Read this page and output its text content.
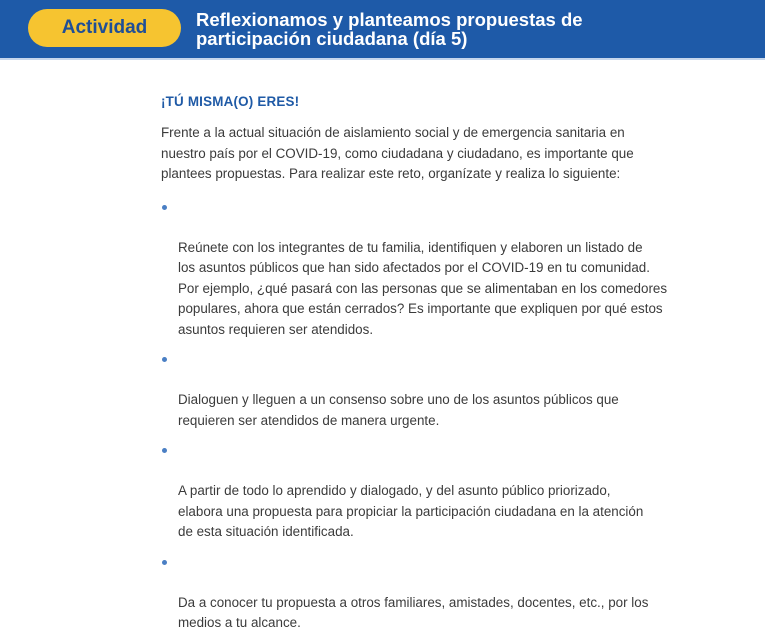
Actividad	Reflexionamos y planteamos propuestas de
participación ciudadana (día 5)
¡TÚ MISMA(O) ERES!
Frente a la actual situación de aislamiento social y de emergencia sanitaria en
nuestro país por el COVID-19, como ciudadana y ciudadano, es importante que
plantees propuestas. Para realizar este reto, organízate y realiza lo siguiente:

Reúnete con los integrantes de tu familia, identifiquen y elaboren un listado de
los asuntos públicos que han sido afectados por el COVID-19 en tu comunidad.
Por ejemplo, ¿qué pasará con las personas que se alimentaban en los comedores
populares, ahora que están cerrados? Es importante que expliquen por qué estos
asuntos requieren ser atendidos.

Dialoguen y lleguen a un consenso sobre uno de los asuntos públicos que
requieren ser atendidos de manera urgente.

A partir de todo lo aprendido y dialogado, y del asunto público priorizado,
elabora una propuesta para propiciar la participación ciudadana en la atención
de esta situación identificada.

Da a conocer tu propuesta a otros familiares, amistades, docentes, etc., por los
medios a tu alcance.
